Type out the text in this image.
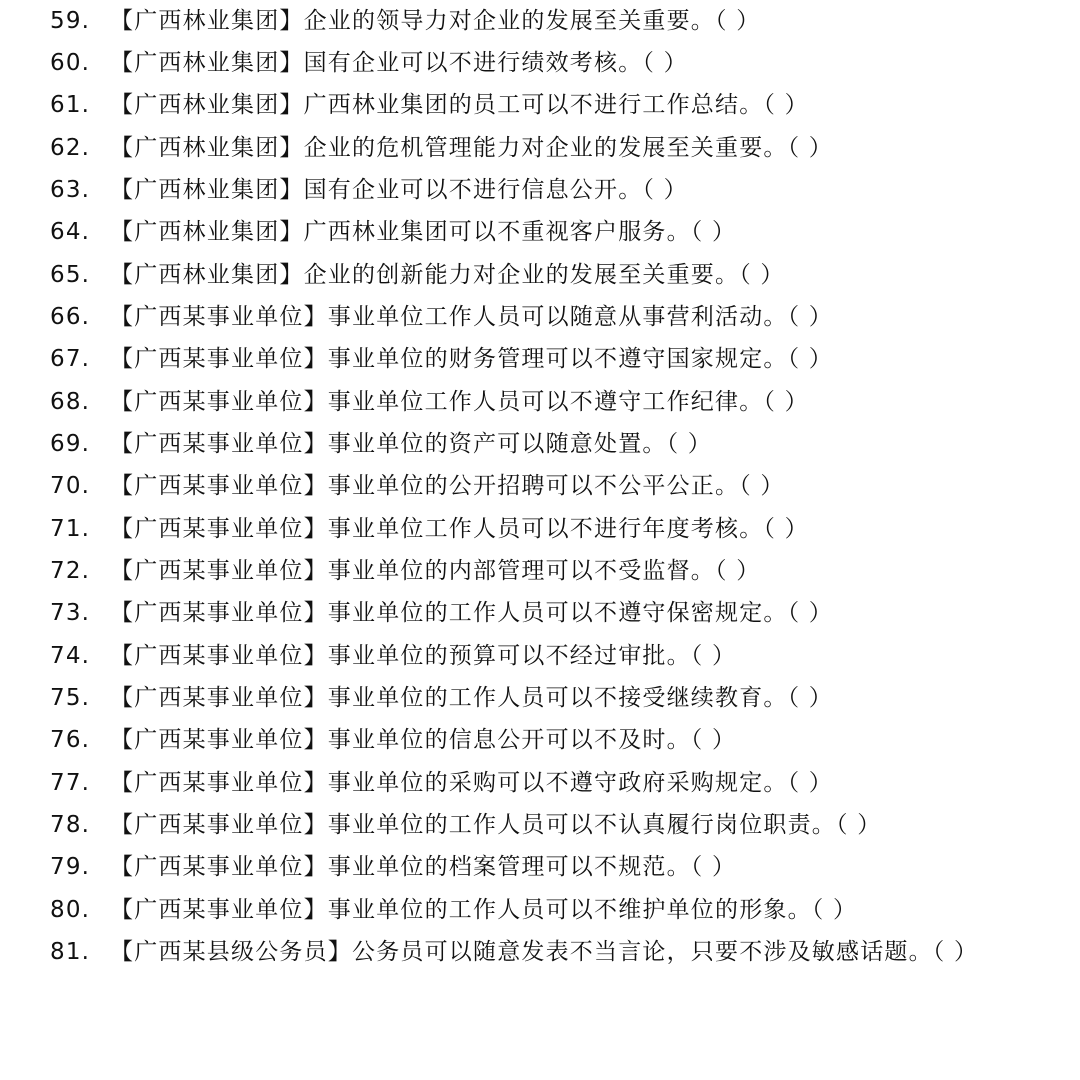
59. 【广西林业集团】企业的领导力对企业的发展至关重要。（ ）
60. 【广西林业集团】国有企业可以不进行绩效考核。（ ）
61. 【广西林业集团】广西林业集团的员工可以不进行工作总结。（ ）
62. 【广西林业集团】企业的危机管理能力对企业的发展至关重要。（ ）
63. 【广西林业集团】国有企业可以不进行信息公开。（ ）
64. 【广西林业集团】广西林业集团可以不重视客户服务。（ ）
65. 【广西林业集团】企业的创新能力对企业的发展至关重要。（ ）
66. 【广西某事业单位】事业单位工作人员可以随意从事营利活动。（ ）
67. 【广西某事业单位】事业单位的财务管理可以不遵守国家规定。（ ）
68. 【广西某事业单位】事业单位工作人员可以不遵守工作纪律。（ ）
69. 【广西某事业单位】事业单位的资产可以随意处置。（ ）
70. 【广西某事业单位】事业单位的公开招聘可以不公平公正。（ ）
71. 【广西某事业单位】事业单位工作人员可以不进行年度考核。（ ）
72. 【广西某事业单位】事业单位的内部管理可以不受监督。（ ）
73. 【广西某事业单位】事业单位的工作人员可以不遵守保密规定。（ ）
74. 【广西某事业单位】事业单位的预算可以不经过审批。（ ）
75. 【广西某事业单位】事业单位的工作人员可以不接受继续教育。（ ）
76. 【广西某事业单位】事业单位的信息公开可以不及时。（ ）
77. 【广西某事业单位】事业单位的采购可以不遵守政府采购规定。（ ）
78. 【广西某事业单位】事业单位的工作人员可以不认真履行岗位职责。（ ）
79. 【广西某事业单位】事业单位的档案管理可以不规范。（ ）
80. 【广西某事业单位】事业单位的工作人员可以不维护单位的形象。（ ）
81. 【广西某县级公务员】公务员可以随意发表不当言论，只要不涉及敏感话题。（ ）
